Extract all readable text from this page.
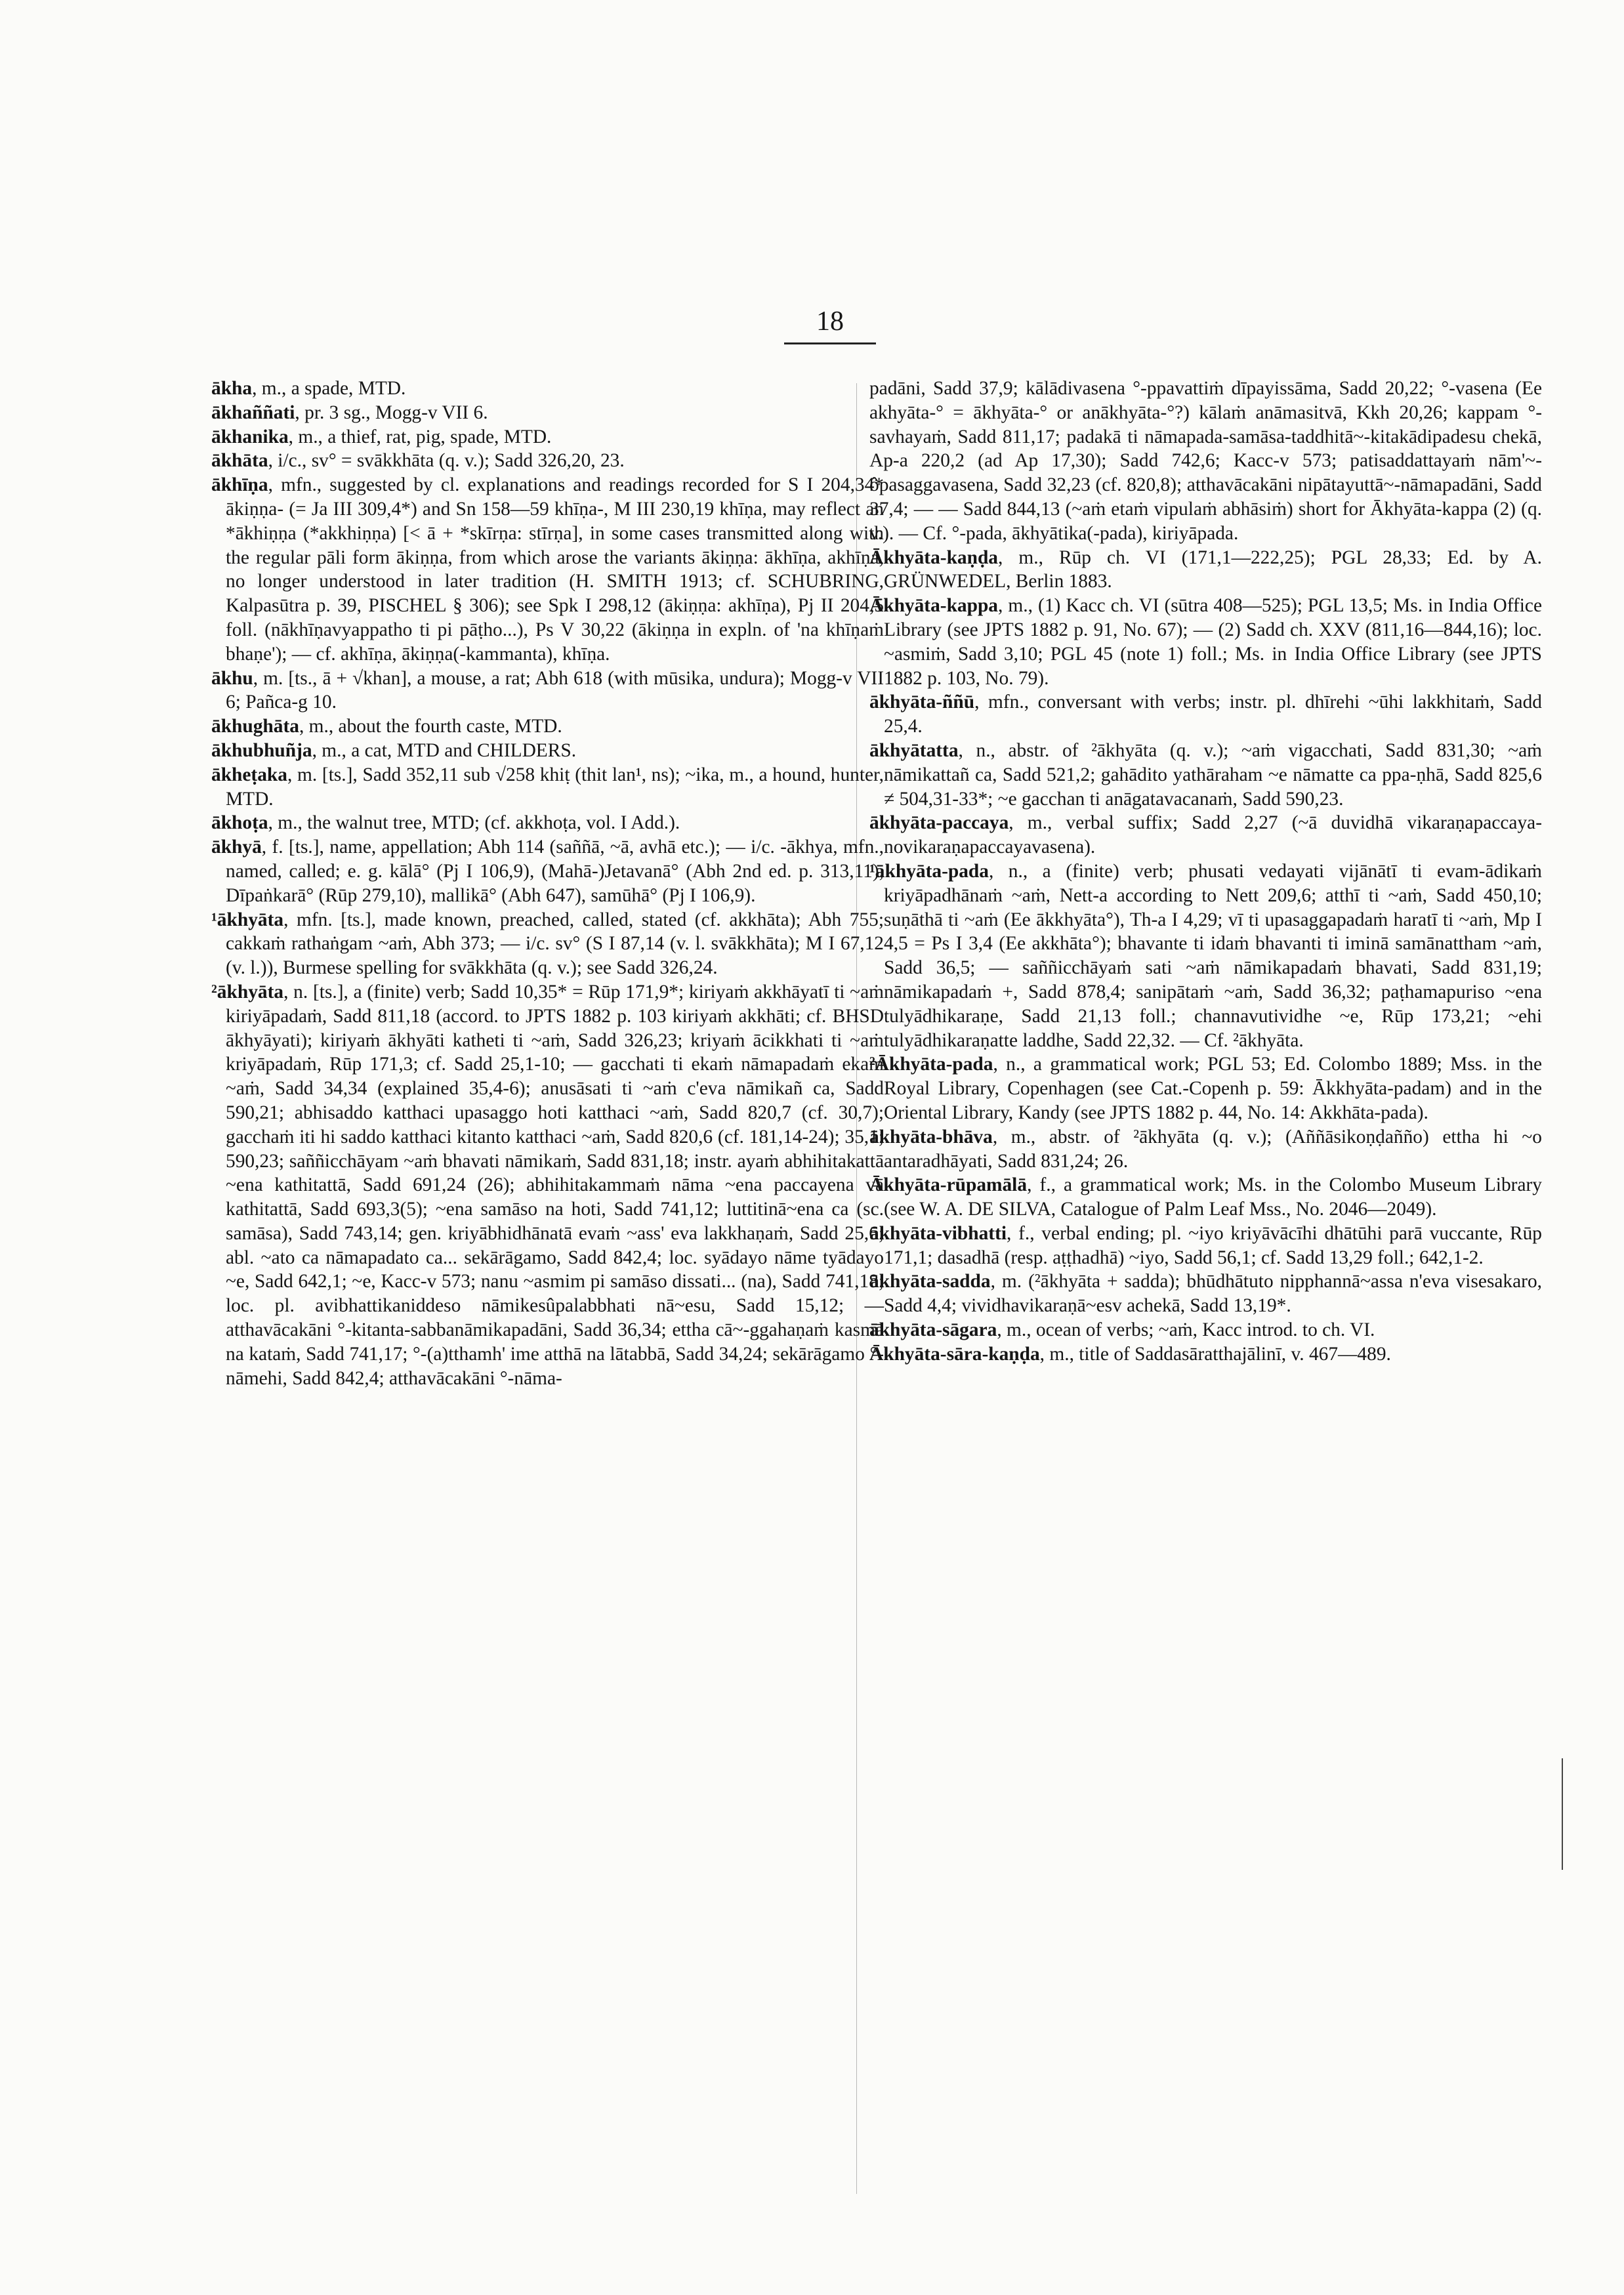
18

ākha, m., a spade, MTD.

ākhaññati, pr. 3 sg., Mogg-v VII 6.

ākhanika, m., a thief, rat, pig, spade, MTD.

ākhāta, i/c., sv° = svākkhāta (q. v.); Sadd 326,20, 23.

ākhīṇa, mfn., suggested by cl. explanations and readings recorded for S I 204,34* ākiṇṇa- (= Ja III 309,4*) and Sn 158—59 khīṇa-, M III 230,19 khīṇa, may reflect an *ākhiṇṇa (*akkhiṇṇa) [< ā + *skīrṇa: stīrṇa], in some cases transmitted along with the regular pāli form ākiṇṇa, from which arose the variants ākiṇṇa: ākhīṇa, akhīṇa, no longer understood in later tradition (H. SMITH 1913; cf. SCHUBRING, Kalpasūtra p. 39, PISCHEL § 306); see Spk I 298,12 (ākiṇṇa: akhīṇa), Pj II 204,5 foll. (nākhīṇavyappatho ti pi pāṭho...), Ps V 30,22 (ākiṇṇa in expln. of 'na khīṇaṁ bhaṇe'); — cf. akhīṇa, ākiṇṇa(-kammanta), khīṇa.

ākhu, m. [ts., ā + √khan], a mouse, a rat; Abh 618 (with mūsika, undura); Mogg-v VII 6; Pañca-g 10.

ākhughāta, m., about the fourth caste, MTD.

ākhubhuñja, m., a cat, MTD and CHILDERS.

ākheṭaka, m. [ts.], Sadd 352,11 sub √258 khiṭ (thit lan¹, ns); ~ika, m., a hound, hunter, MTD.

ākhoṭa, m., the walnut tree, MTD; (cf. akkhoṭa, vol. I Add.).

ākhyā, f. [ts.], name, appellation; Abh 114 (saññā, ~ā, avhā etc.); — i/c. -ākhya, mfn., named, called; e. g. kālā° (Pj I 106,9), (Mahā-)Jetavanā° (Abh 2nd ed. p. 313,11), Dīpaṅkarā° (Rūp 279,10), mallikā° (Abh 647), samūhā° (Pj I 106,9).

¹ākhyāta, mfn. [ts.], made known, preached, called, stated (cf. akkhāta); Abh 755; cakkaṁ rathaṅgam ~aṁ, Abh 373; — i/c. sv° (S I 87,14 (v. l. svākkhāta); M I 67,12 (v. l.)), Burmese spelling for svākkhāta (q. v.); see Sadd 326,24.

²ākhyāta, n. [ts.], a (finite) verb; Sadd 10,35* = Rūp 171,9*; kiriyaṁ akkhāyatī ti ~aṁ kiriyāpadaṁ, Sadd 811,18 (accord. to JPTS 1882 p. 103 kiriyaṁ akkhāti; cf. BHSD ākhyāyati); kiriyaṁ ākhyāti katheti ti ~aṁ, Sadd 326,23; kriyaṁ ācikkhati ti ~aṁ kriyāpadaṁ, Rūp 171,3; cf. Sadd 25,1-10; — gacchati ti ekaṁ nāmapadaṁ ekam ~aṁ, Sadd 34,34 (explained 35,4-6); anusāsati ti ~aṁ c'eva nāmikañ ca, Sadd 590,21; abhisaddo katthaci upasaggo hoti katthaci ~aṁ, Sadd 820,7 (cf. 30,7); gacchaṁ iti hi saddo katthaci kitanto katthaci ~aṁ, Sadd 820,6 (cf. 181,14-24); 35,1; 590,23; saññicchāyam ~aṁ bhavati nāmikaṁ, Sadd 831,18; instr. ayaṁ abhihitakattā ~ena kathitattā, Sadd 691,24 (26); abhihitakammaṁ nāma ~ena paccayena vā kathitattā, Sadd 693,3(5); ~ena samāso na hoti, Sadd 741,12; luttitinā~ena ca (sc. samāsa), Sadd 743,14; gen. kriyābhidhānatā evaṁ ~ass' eva lakkhaṇaṁ, Sadd 25,6; abl. ~ato ca nāmapadato ca... sekārāgamo, Sadd 842,4; loc. syādayo nāme tyādayo ~e, Sadd 642,1; ~e, Kacc-v 573; nanu ~asmim pi samāso dissati... (na), Sadd 741,18; loc. pl. avibhattikaniddeso nāmikesûpalabbhati nā~esu, Sadd 15,12; — atthavācakāni °-kitanta-sabbanāmikapadāni, Sadd 36,34; ettha cā~-ggahaṇaṁ kasmā na kataṁ, Sadd 741,17; °-(a)tthamh' ime atthā na lātabbā, Sadd 34,24; sekārāgamo °-nāmehi, Sadd 842,4; atthavācakāni °-nāma-

padāni, Sadd 37,9; kālādivasena °-ppavattiṁ dīpayissāma, Sadd 20,22; °-vasena (Ee akhyāta-° = ākhyāta-° or anākhyāta-°?) kālaṁ anāmasitvā, Kkh 20,26; kappam °-savhayaṁ, Sadd 811,17; padakā ti nāmapada-samāsa-taddhitā~-kitakādipadesu chekā, Ap-a 220,2 (ad Ap 17,30); Sadd 742,6; Kacc-v 573; patisaddattayaṁ nām'~-ôpasaggavasena, Sadd 32,23 (cf. 820,8); atthavācakāni nipātayuttā~-nāmapadāni, Sadd 37,4; — — Sadd 844,13 (~aṁ etaṁ vipulaṁ abhāsiṁ) short for Ākhyāta-kappa (2) (q. v.). — Cf. °-pada, ākhyātika(-pada), kiriyāpada.

Ākhyāta-kaṇḍa, m., Rūp ch. VI (171,1—222,25); PGL 28,33; Ed. by A. GRÜNWEDEL, Berlin 1883.

Ākhyāta-kappa, m., (1) Kacc ch. VI (sūtra 408—525); PGL 13,5; Ms. in India Office Library (see JPTS 1882 p. 91, No. 67); — (2) Sadd ch. XXV (811,16—844,16); loc. ~asmiṁ, Sadd 3,10; PGL 45 (note 1) foll.; Ms. in India Office Library (see JPTS 1882 p. 103, No. 79).

ākhyāta-ññū, mfn., conversant with verbs; instr. pl. dhīrehi ~ūhi lakkhitaṁ, Sadd 25,4.

ākhyātatta, n., abstr. of ²ākhyāta (q. v.); ~aṁ vigacchati, Sadd 831,30; ~aṁ nāmikattañ ca, Sadd 521,2; gahādito yathāraham ~e nāmatte ca ppa-ṇhā, Sadd 825,6 ≠ 504,31-33*; ~e gacchan ti anāgatavacanaṁ, Sadd 590,23.

ākhyāta-paccaya, m., verbal suffix; Sadd 2,27 (~ā duvidhā vikaraṇapaccaya-novikaraṇapaccayavasena).

¹ākhyāta-pada, n., a (finite) verb; phusati vedayati vijānātī ti evam-ādikaṁ kriyāpadhānaṁ ~aṁ, Nett-a according to Nett 209,6; atthī ti ~aṁ, Sadd 450,10; suṇāthā ti ~aṁ (Ee ākkhyāta°), Th-a I 4,29; vī ti upasaggapadaṁ haratī ti ~aṁ, Mp I 4,5 = Ps I 3,4 (Ee akkhāta°); bhavante ti idaṁ bhavanti ti iminā samānattham ~aṁ, Sadd 36,5; — saññicchāyaṁ sati ~aṁ nāmikapadaṁ bhavati, Sadd 831,19; nāmikapadaṁ +, Sadd 878,4; sanipātaṁ ~aṁ, Sadd 36,32; paṭhamapuriso ~ena tulyādhikaraṇe, Sadd 21,13 foll.; channavutividhe ~e, Rūp 173,21; ~ehi tulyādhikaraṇatte laddhe, Sadd 22,32. — Cf. ²ākhyāta.

²Ākhyāta-pada, n., a grammatical work; PGL 53; Ed. Colombo 1889; Mss. in the Royal Library, Copenhagen (see Cat.-Copenh p. 59: Ākkhyāta-padam) and in the Oriental Library, Kandy (see JPTS 1882 p. 44, No. 14: Akkhāta-pada).

ākhyāta-bhāva, m., abstr. of ²ākhyāta (q. v.); (Aññāsikoṇḍañño) ettha hi ~o antaradhāyati, Sadd 831,24; 26.

Ākhyāta-rūpamālā, f., a grammatical work; Ms. in the Colombo Museum Library (see W. A. DE SILVA, Catalogue of Palm Leaf Mss., No. 2046—2049).

ākhyāta-vibhatti, f., verbal ending; pl. ~iyo kriyāvācīhi dhātūhi parā vuccante, Rūp 171,1; dasadhā (resp. aṭṭhadhā) ~iyo, Sadd 56,1; cf. Sadd 13,29 foll.; 642,1-2.

ākhyāta-sadda, m. (²ākhyāta + sadda); bhūdhātuto nipphannā~assa n'eva visesakaro, Sadd 4,4; vividhavikaraṇā~esv achekā, Sadd 13,19*.

ākhyāta-sāgara, m., ocean of verbs; ~aṁ, Kacc introd. to ch. VI.

Ākhyāta-sāra-kaṇḍa, m., title of Saddasāratthajālinī, v. 467—489.
